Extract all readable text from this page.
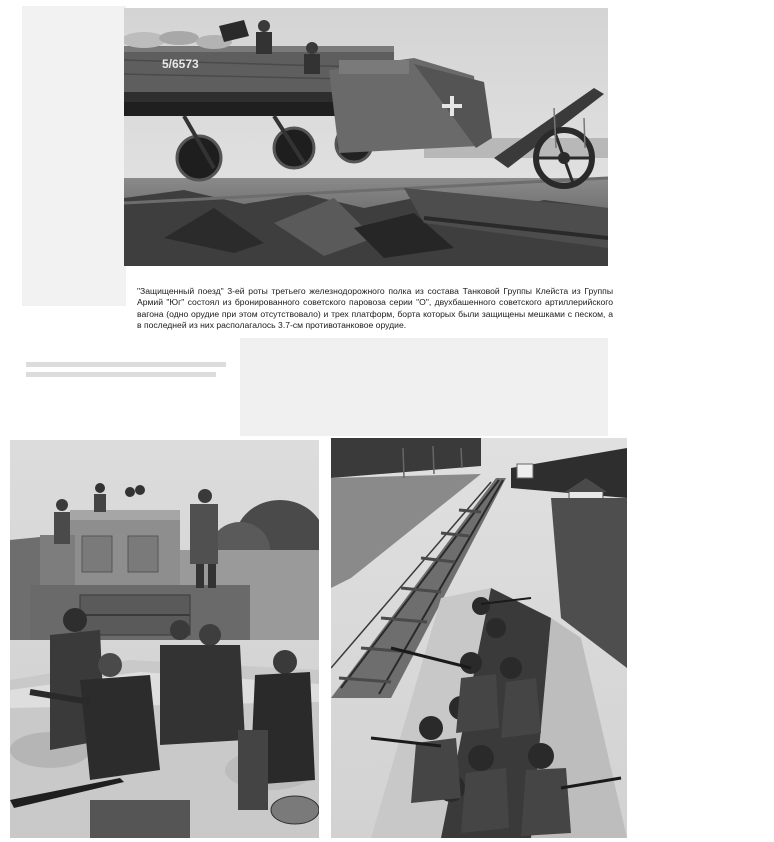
5/6573

"Защищенный поезд" 3-ей роты третьего железнодорожного полка из состава Танковой Группы Клейста из Группы Армий "Юг" состоял из бронированного советского паровоза серии "О", двухбашенного советского артиллерийского вагона (одно орудие при этом отсутствовало) и трех платформ, борта которых были защищены мешками с песком, а в последней из них располагалось 3.7-см противотанковое орудие.
